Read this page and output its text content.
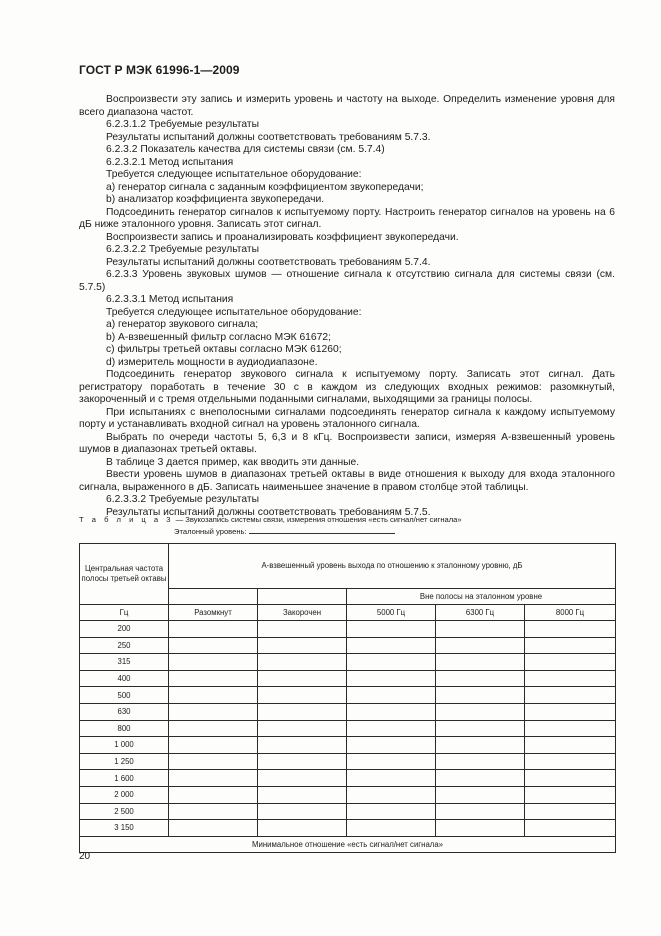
ГОСТ Р МЭК 61996-1—2009

Воспроизвести эту запись и измерить уровень и частоту на выходе. Определить изменение уровня для всего диапазона частот.

6.2.3.1.2 Требуемые результаты

Результаты испытаний должны соответствовать требованиям 5.7.3.

6.2.3.2 Показатель качества для системы связи (см. 5.7.4)

6.2.3.2.1 Метод испытания

Требуется следующее испытательное оборудование:

a) генератор сигнала с заданным коэффициентом звукопередачи;

b) анализатор коэффициента звукопередачи.

Подсоединить генератор сигналов к испытуемому порту. Настроить генератор сигналов на уровень на 6 дБ ниже эталонного уровня. Записать этот сигнал.

Воспроизвести запись и проанализировать коэффициент звукопередачи.

6.2.3.2.2 Требуемые результаты

Результаты испытаний должны соответствовать требованиям 5.7.4.

6.2.3.3 Уровень звуковых шумов — отношение сигнала к отсутствию сигнала для системы связи (см. 5.7.5)

6.2.3.3.1 Метод испытания

Требуется следующее испытательное оборудование:

a) генератор звукового сигнала;

b) А-взвешенный фильтр согласно МЭК 61672;

c) фильтры третьей октавы согласно МЭК 61260;

d) измеритель мощности в аудиодиапазоне.

Подсоединить генератор звукового сигнала к испытуемому порту. Записать этот сигнал. Дать регистратору поработать в течение 30 с в каждом из следующих входных режимов: разомкнутый, закороченный и с тремя отдельными поданными сигналами, выходящими за границы полосы.

При испытаниях с внеполосными сигналами подсоединять генератор сигнала к каждому испытуемому порту и устанавливать входной сигнал на уровень эталонного сигнала.

Выбрать по очереди частоты 5, 6,3 и 8 кГц. Воспроизвести записи, измеряя А-взвешенный уровень шумов в диапазонах третьей октавы.

В таблице 3 дается пример, как вводить эти данные.

Ввести уровень шумов в диапазонах третьей октавы в виде отношения к выходу для входа эталонного сигнала, выраженного в дБ. Записать наименьшее значение в правом столбце этой таблицы.

6.2.3.3.2 Требуемые результаты

Результаты испытаний должны соответствовать требованиям 5.7.5.

Т а б л и ц а 3 — Звукозапись системы связи, измерения отношения «есть сигнал/нет сигнала»
Эталонный уровень:
Центральная частота полосы третьей октавы	А-взвешенный уровень выхода по отношению к эталонному уровню, дБ				
			Вне полосы на эталонном уровне		
Гц	Разомкнут	Закорочен	5000 Гц	6300 Гц	8000 Гц
200					
250					
315					
400					
500					
630					
800					
1 000					
1 250					
1 600					
2 000					
2 500					
3 150					
Минимальное отношение «есть сигнал/нет сигнала»					
20
